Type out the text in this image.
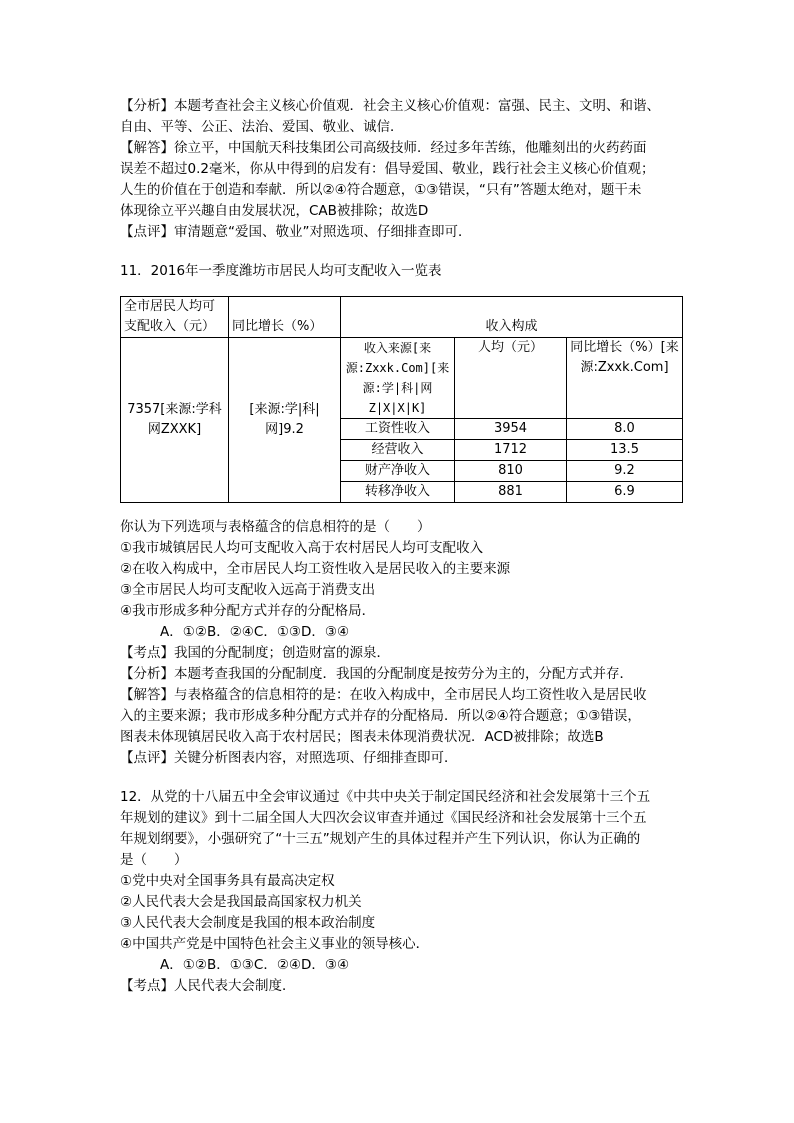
【分析】本题考查社会主义核心价值观．社会主义核心价值观：富强、民主、文明、和谐、
自由、平等、公正、法治、爱国、敬业、诚信．
【解答】徐立平，中国航天科技集团公司高级技师．经过多年苦练，他雕刻出的火药药面
误差不超过0.2毫米，你从中得到的启发有：倡导爱国、敬业，践行社会主义核心价值观；
人生的价值在于创造和奉献．所以②④符合题意，①③错误，“只有”答题太绝对，题干未
体现徐立平兴趣自由发展状况，CAB被排除；故选D
【点评】审清题意“爱国、敬业”对照选项、仔细排查即可．
11．2016年一季度潍坊市居民人均可支配收入一览表
全市居民人均可支配收入（元）	同比增长（%）	收入构成		
7357[来源:学科网ZXXK]	[来源:学|科|网]9.2	收入来源[来源:Zxxk.Com][来源:学|科|网Z|X|X|K]	人均（元）	同比增长（%）[来源:Zxxk.Com]
		工资性收入	3954	8.0
		经营收入	1712	13.5
		财产净收入	810	9.2
		转移净收入	881	6.9
你认为下列选项与表格蕴含的信息相符的是（　　）
①我市城镇居民人均可支配收入高于农村居民人均可支配收入
②在收入构成中，全市居民人均工资性收入是居民收入的主要来源
③全市居民人均可支配收入远高于消费支出
④我市形成多种分配方式并存的分配格局．
A．①②B．②④C．①③D．③④
【考点】我国的分配制度；创造财富的源泉．
【分析】本题考查我国的分配制度．我国的分配制度是按劳分为主的，分配方式并存．
【解答】与表格蕴含的信息相符的是：在收入构成中，全市居民人均工资性收入是居民收
入的主要来源；我市形成多种分配方式并存的分配格局．所以②④符合题意；①③错误，
图表未体现镇居民收入高于农村居民；图表未体现消费状况．ACD被排除；故选B
【点评】关键分析图表内容，对照选项、仔细排查即可．
12．从党的十八届五中全会审议通过《中共中央关于制定国民经济和社会发展第十三个五
年规划的建议》到十二届全国人大四次会议审查并通过《国民经济和社会发展第十三个五
年规划纲要》，小强研究了“十三五”规划产生的具体过程并产生下列认识，你认为正确的
是（　　）
①党中央对全国事务具有最高决定权
②人民代表大会是我国最高国家权力机关
③人民代表大会制度是我国的根本政治制度
④中国共产党是中国特色社会主义事业的领导核心．
A．①②B．①③C．②④D．③④
【考点】人民代表大会制度．
